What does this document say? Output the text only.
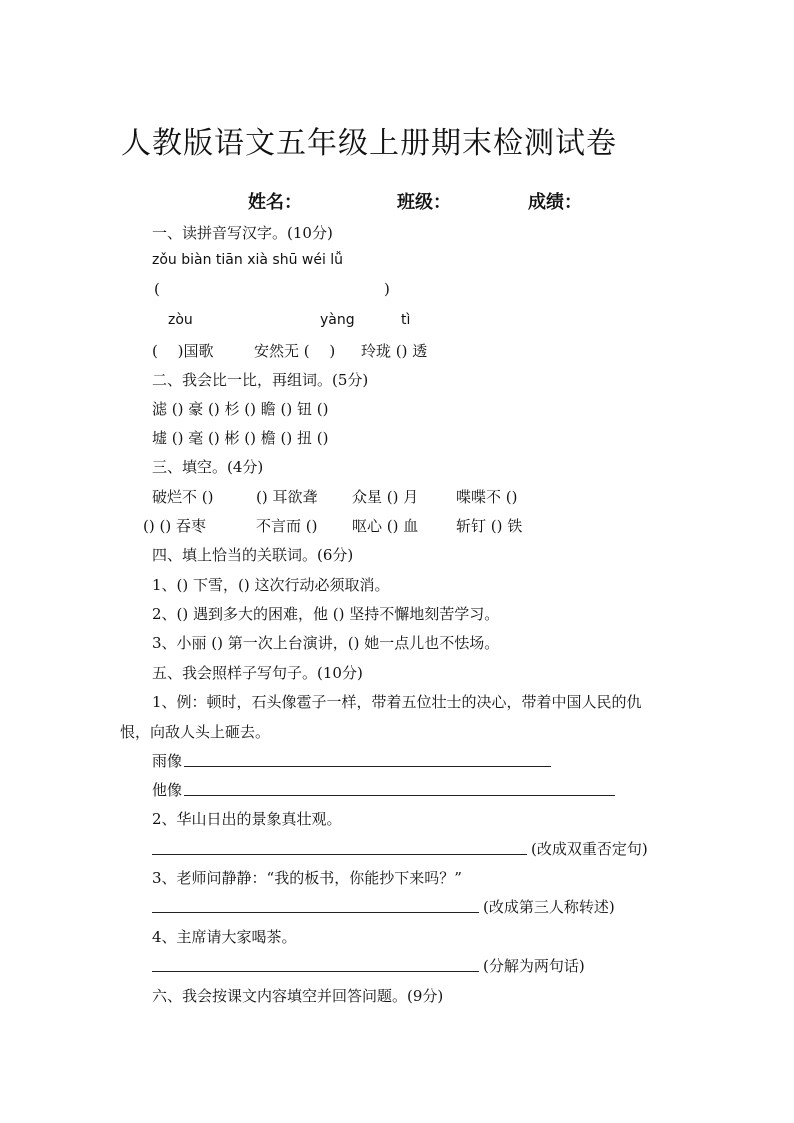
人教版语文五年级上册期末检测试卷
姓名：	班级：	成绩：
一、读拼音写汉字。(10分)
zǒu biàn tiān xià shū wéi lǚ
(	)
zòu	yàng	tì
(　 )国歌	安然无 (　 ) 玲珑 () 透
二、我会比一比，再组词。(5分)
滤 () 豪 () 杉 () 瞻 () 钮 ()
墟 () 毫 () 彬 () 檐 () 扭 ()
三、填空。(4分)
破烂不 ()	() 耳欲聋 众星 () 月	喋喋不 ()
() () 吞枣	不言而 () 呕心 () 血	斩钉 () 铁
四、填上恰当的关联词。(6分)
1、() 下雪，() 这次行动必须取消。
2、() 遇到多大的困难，他 () 坚持不懈地刻苦学习。
3、小丽 () 第一次上台演讲，() 她一点儿也不怯场。
五、我会照样子写句子。(10分)
1、例：顿时，石头像雹子一样，带着五位壮士的决心，带着中国人民的仇
恨，向敌人头上砸去。
雨像
他像
2、华山日出的景象真壮观。
(改成双重否定句)
3、老师问静静：“我的板书，你能抄下来吗？”
(改成第三人称转述)
4、主席请大家喝茶。
(分解为两句话)
六、我会按课文内容填空并回答问题。(9分)
